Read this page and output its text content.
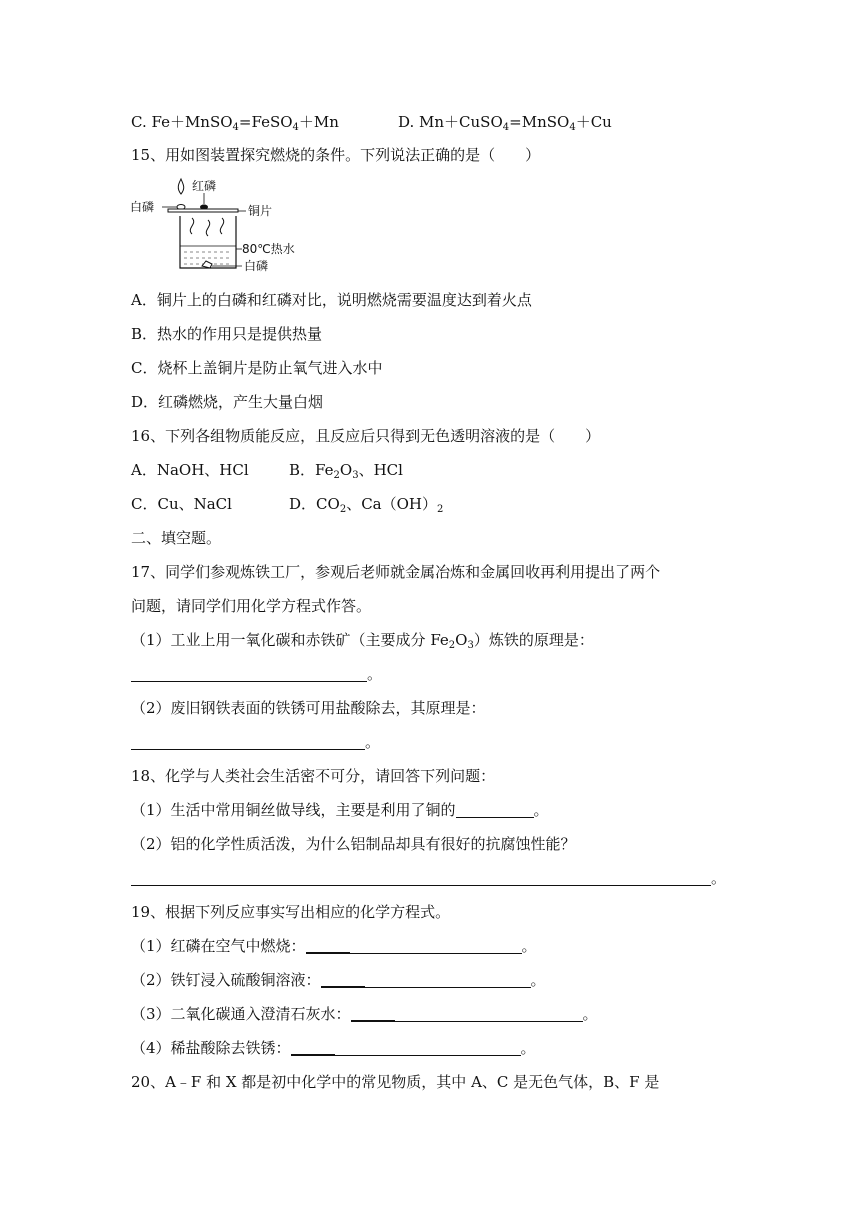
C. Fe＋MnSO$_4$=FeSO$_4$＋Mn	D. Mn＋CuSO$_4$=MnSO$_4$＋Cu
15、用如图装置探究燃烧的条件。下列说法正确的是（　　）
红磷
白磷	铜片
80℃热水
白磷
A．铜片上的白磷和红磷对比，说明燃烧需要温度达到着火点
B．热水的作用只是提供热量
C．烧杯上盖铜片是防止氧气进入水中
D．红磷燃烧，产生大量白烟
16、下列各组物质能反应，且反应后只得到无色透明溶液的是（　　）
A．NaOH、HCl	B．$Fe_2O_3$、HCl
C．Cu、NaCl	D．$CO_2$、$Ca(OH)_2$
二、填空题。
17、同学们参观炼铁工厂，参观后老师就金属冶炼和金属回收再利用提出了两个
问题，请同学们用化学方程式作答。
（1）工业上用一氧化碳和赤铁矿（主要成分 $Fe_2O_3$）炼铁的原理是：
。
（2）废旧钢铁表面的铁锈可用盐酸除去，其原理是：
。
18、化学与人类社会生活密不可分，请回答下列问题：
（1）生活中常用铜丝做导线，主要是利用了铜的	。
（2）铝的化学性质活泼，为什么铝制品却具有很好的抗腐蚀性能？
。
19、根据下列反应事实写出相应的化学方程式。
（1）红磷在空气中燃烧：	。
（2）铁钉浸入硫酸铜溶液：	。
（3）二氧化碳通入澄清石灰水：	。
（4）稀盐酸除去铁锈：	。
20、A﹣F 和 X 都是初中化学中的常见物质，其中 A、C 是无色气体，B、F 是
